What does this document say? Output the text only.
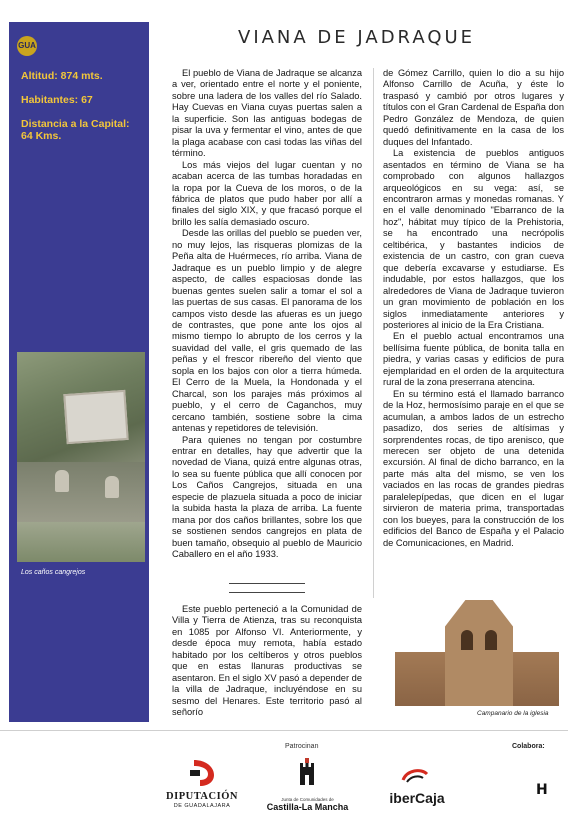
GUA
Altitud: 874 mts.
Habitantes: 67
Distancia a la Capital: 64 Kms.
Los caños cangrejos
VIANA DE JADRAQUE

El pueblo de Viana de Jadraque se alcanza a ver, orientado entre el norte y el poniente, sobre una ladera de los valles del río Salado. Hay Cuevas en Viana cuyas puertas salen a la superficie. Son las antiguas bodegas de pisar la uva y fermentar el vino, antes de que la plaga acabase con casi todas las viñas del término.

Los más viejos del lugar cuentan y no acaban acerca de las tumbas horadadas en la ropa por la Cueva de los moros, o de la fábrica de platos que pudo haber por allí a finales del siglo XIX, y que fracasó porque el brillo les salía demasiado oscuro.

Desde las orillas del pueblo se pueden ver, no muy lejos, las risqueras plomizas de la Peña alta de Huérmeces, río arriba. Viana de Jadraque es un pueblo limpio y de alegre aspecto, de calles espaciosas donde las buenas gentes suelen salir a tomar el sol a las puertas de sus casas. El panorama de los campos visto desde las afueras es un juego de contrastes, que pone ante los ojos al mismo tiempo lo abrupto de los cerros y la suavidad del valle, el gris quemado de las peñas y el frescor ribereño del viento que sopla en los bajos con olor a tierra húmeda. El Cerro de la Muela, la Hondonada y el Charcal, son los parajes más próximos al pueblo, y el cerro de Caganchos, muy cercano también, sostiene sobre la cima antenas y repetidores de televisión.

Para quienes no tengan por costumbre entrar en detalles, hay que advertir que la novedad de Viana, quizá entre algunas otras, lo sea su fuente pública que allí conocen por Los Caños Cangrejos, situada en una especie de plazuela situada a poco de iniciar la subida hasta la plaza de arriba. La fuente mana por dos caños brillantes, sobre los que se sostienen sendos cangrejos en plata de buen tamaño, obsequio al pueblo de Mauricio Caballero en el año 1933.

Este pueblo perteneció a la Comunidad de Villa y Tierra de Atienza, tras su reconquista en 1085 por Alfonso VI. Anteriormente, y desde época muy remota, había estado habitado por los celtíberos y otros pueblos que en estas llanuras productivas se asentaron. En el siglo XV pasó a depender de la villa de Jadraque, incluyéndose en su sesmo del Henares. Este territorio pasó al señorío

de Gómez Carrillo, quien lo dio a su hijo Alfonso Carrillo de Acuña, y éste lo traspasó y cambió por otros lugares y títulos con el Gran Cardenal de España don Pedro González de Mendoza, de quien quedó definitivamente en la casa de los duques del Infantado.

La existencia de pueblos antiguos asentados en término de Viana se ha comprobado con algunos hallazgos arqueológicos en su vega: así, se encontraron armas y monedas romanas. Y en el valle denominado "Ebarranco de la hoz", hábitat muy típico de la Prehistoria, se ha encontrado una necrópolis celtibérica, y bastantes indicios de existencia de un castro, con gran cueva que debería excavarse y estudiarse. Es indudable, por estos hallazgos, que los alrededores de Viana de Jadraque tuvieron un gran movimiento de población en los siglos inmediatamente anteriores y posteriores al inicio de la Era Cristiana.

En el pueblo actual encontramos una bellísima fuente pública, de bonita talla en piedra, y varias casas y edificios de pura ejemplaridad en el orden de la arquitectura rural de la zona preserrana atencina.

En su término está el llamado barranco de la Hoz, hermosísimo paraje en el que se acumulan, a ambos lados de un estrecho pasadizo, dos series de altísimas y sorprendentes rocas, de tipo arenisco, que merecen ser objeto de una detenida excursión. Al final de dicho barranco, en la parte más alta del mismo, se ven los vaciados en las rocas de grandes piedras paralelepípedas, que dicen en el lugar sirvieron de materia prima, transportadas con los bueyes, para la construcción de los edificios del Banco de España y el Palacio de Comunicaciones, en Madrid.

Campanario de la iglesia
Patrocinan	Colabora:
DIPUTACIÓN
DE GUADALAJARA
Junta de Comunidades de
Castilla-La Mancha
iberCaja	H
